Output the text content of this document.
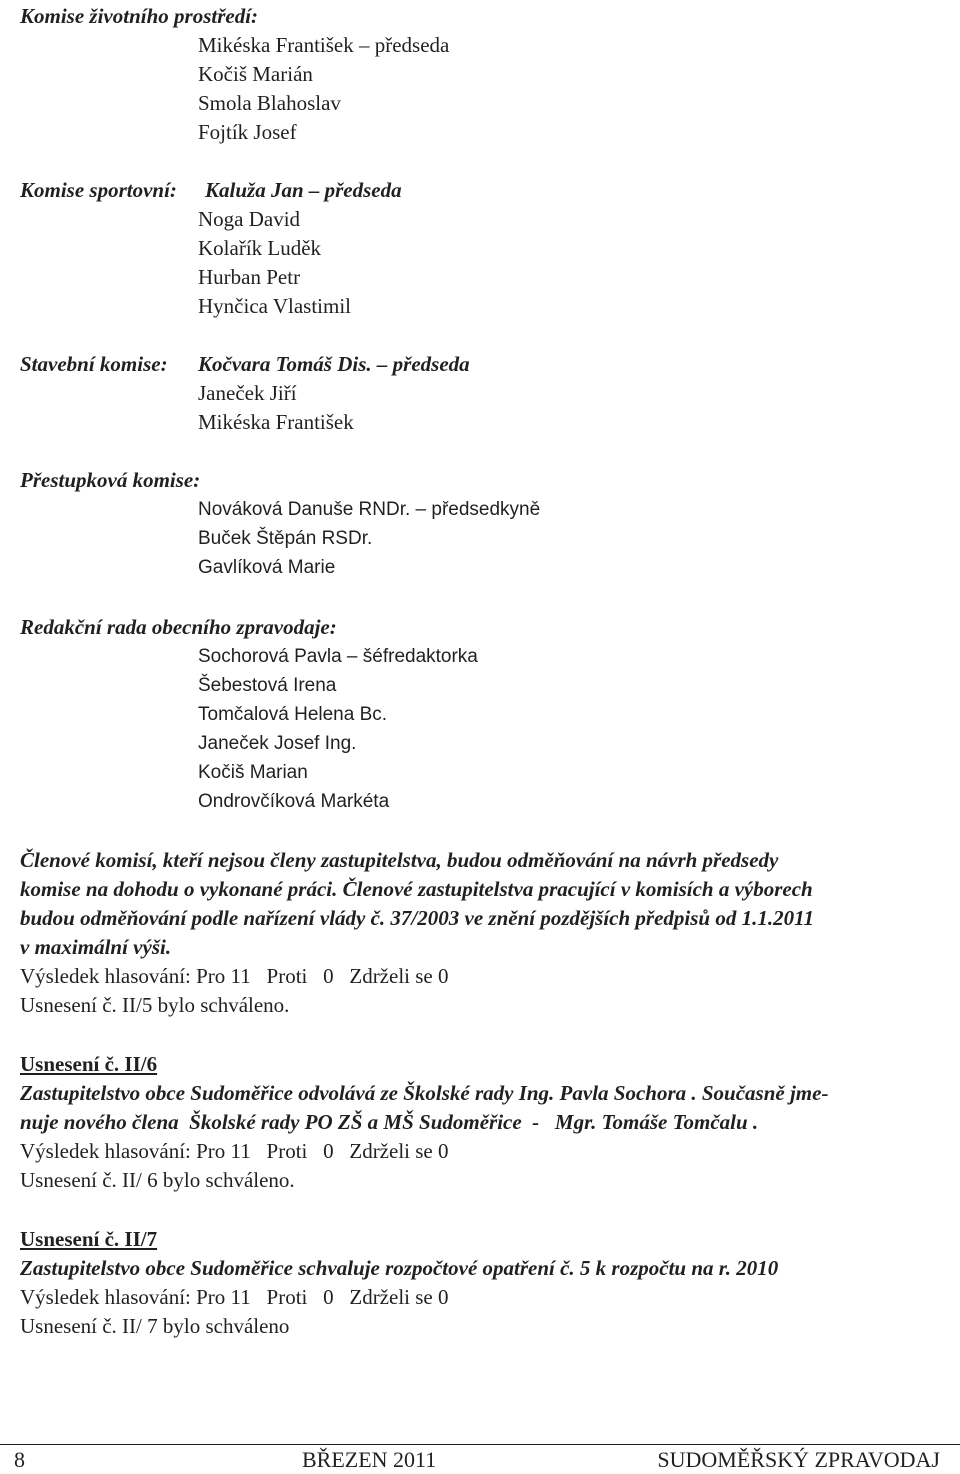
Komise životního prostředí:
Mikéska František – předseda
Kočiš Marián
Smola Blahoslav
Fojtík Josef
Komise sportovní: Kaluža Jan – předseda
Noga David
Kolařík Luděk
Hurban Petr
Hynčica Vlastimil
Stavební komise: Kočvara Tomáš Dis. – předseda
Janeček Jiří
Mikéska František
Přestupková komise:
Nováková Danuše RNDr. – předsedkyně
Buček Štěpán RSDr.
Gavlíková Marie
Redakční rada obecního zpravodaje:
Sochorová Pavla – šéfredaktorka
Šebestová Irena
Tomčalová Helena Bc.
Janeček Josef Ing.
Kočiš Marian
Ondrovčíková Markéta
Členové komisí, kteří nejsou členy zastupitelstva, budou odměňování na návrh předsedy
komise na dohodu o vykonané práci. Členové zastupitelstva pracující v komisích a výborech
budou odměňování podle nařízení vlády č. 37/2003 ve znění pozdějších předpisů od 1.1.2011
v maximální výši.
Výsledek hlasování: Pro 11   Proti   0   Zdrželi se 0
Usnesení č. II/5 bylo schváleno.
Usnesení č. II/6
Zastupitelstvo obce Sudoměřice odvolává ze Školské rady Ing. Pavla Sochora . Současně jme-
nuje nového člena  Školské rady PO ZŠ a MŠ Sudoměřice  -   Mgr. Tomáše Tomčalu .
Výsledek hlasování: Pro 11   Proti   0   Zdrželi se 0
Usnesení č. II/ 6 bylo schváleno.
Usnesení č. II/7
Zastupitelstvo obce Sudoměřice schvaluje rozpočtové opatření č. 5 k rozpočtu na r. 2010
Výsledek hlasování: Pro 11   Proti   0   Zdrželi se 0
Usnesení č. II/ 7 bylo schváleno
8	BŘEZEN 2011	SUDOMĚŘSKÝ ZPRAVODAJ
